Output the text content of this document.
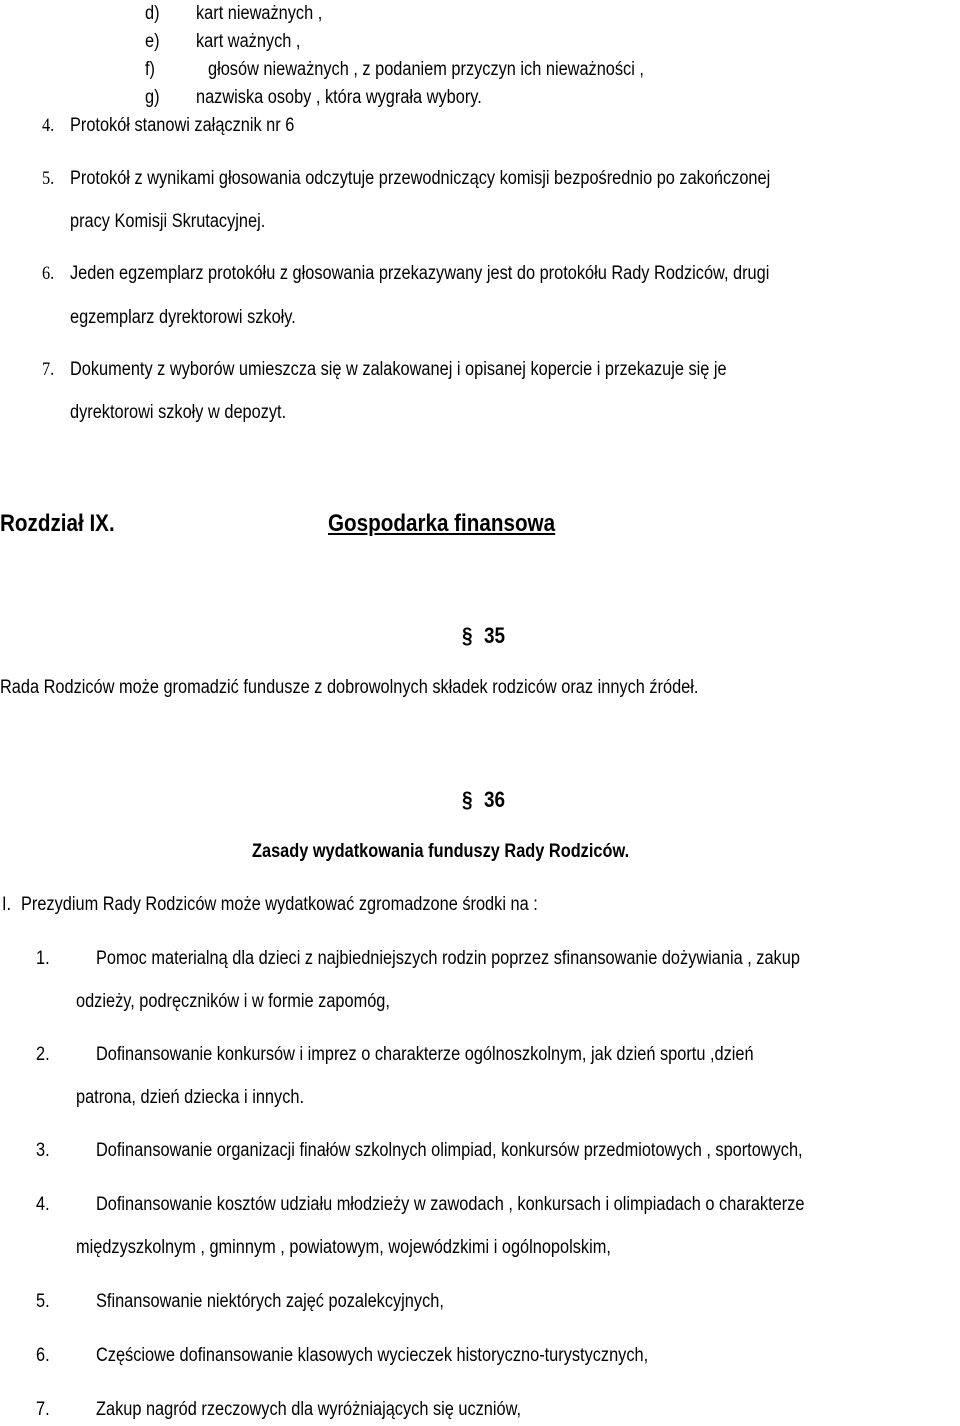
d) kart nieważnych ,
e) kart ważnych ,
f)	głosów nieważnych , z podaniem przyczyn ich nieważności ,
g) nazwiska osoby , która wygrała wybory.
4. Protokół stanowi załącznik nr 6
5. Protokół z wynikami głosowania odczytuje przewodniczący komisji bezpośrednio po zakończonej
pracy Komisji Skrutacyjnej.
6. Jeden egzemplarz protokółu z głosowania przekazywany jest do protokółu Rady Rodziców, drugi
egzemplarz dyrektorowi szkoły.
7. Dokumenty z wyborów umieszcza się w zalakowanej i opisanej kopercie i przekazuje się je
dyrektorowi szkoły w depozyt.
Rozdział IX.	Gospodarka finansowa
§ 35
Rada Rodziców może gromadzić fundusze z dobrowolnych składek rodziców oraz innych źródeł.
§ 36
Zasady wydatkowania funduszy Rady Rodziców.
I. Prezydium Rady Rodziców może wydatkować zgromadzone środki na :
1. Pomoc materialną dla dzieci z najbiedniejszych rodzin poprzez sfinansowanie dożywiania , zakup
odzieży, podręczników i w formie zapomóg,
2. Dofinansowanie konkursów i imprez o charakterze ogólnoszkolnym, jak dzień sportu ,dzień
patrona, dzień dziecka i innych.
3. Dofinansowanie organizacji finałów szkolnych olimpiad, konkursów przedmiotowych , sportowych,
4. Dofinansowanie kosztów udziału młodzieży w zawodach , konkursach i olimpiadach o charakterze
międzyszkolnym , gminnym , powiatowym, wojewódzkimi i ogólnopolskim,
5. Sfinansowanie niektórych zajęć pozalekcyjnych,
6. Częściowe dofinansowanie klasowych wycieczek historyczno-turystycznych,
7. Zakup nagród rzeczowych dla wyróżniających się uczniów,
